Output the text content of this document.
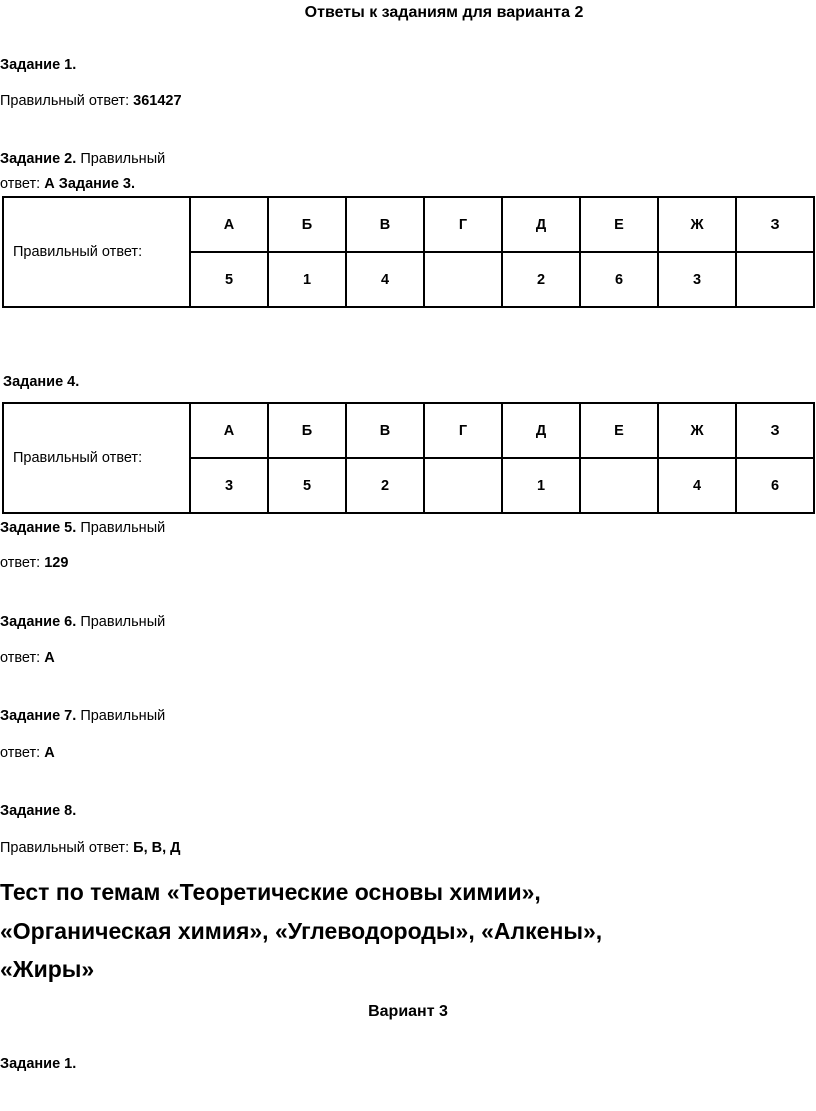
Ответы к заданиям для варианта 2
Задание 1.
Правильный ответ: 361427
Задание 2. Правильный
ответ: А Задание 3.
Правильный ответ:	А	Б	В	Г	Д	Е	Ж	З
	5	1	4		2	6	3	
Задание 4.
Правильный ответ:	А	Б	В	Г	Д	Е	Ж	З
	3	5	2		1		4	6
Задание 5. Правильный
ответ: 129
Задание 6. Правильный
ответ: А
Задание 7. Правильный
ответ: А
Задание 8.
Правильный ответ: Б, В, Д
Тест по темам «Теоретические основы химии»,
«Органическая химия», «Углеводороды», «Алкены»,
«Жиры»
Вариант 3
Задание 1.
